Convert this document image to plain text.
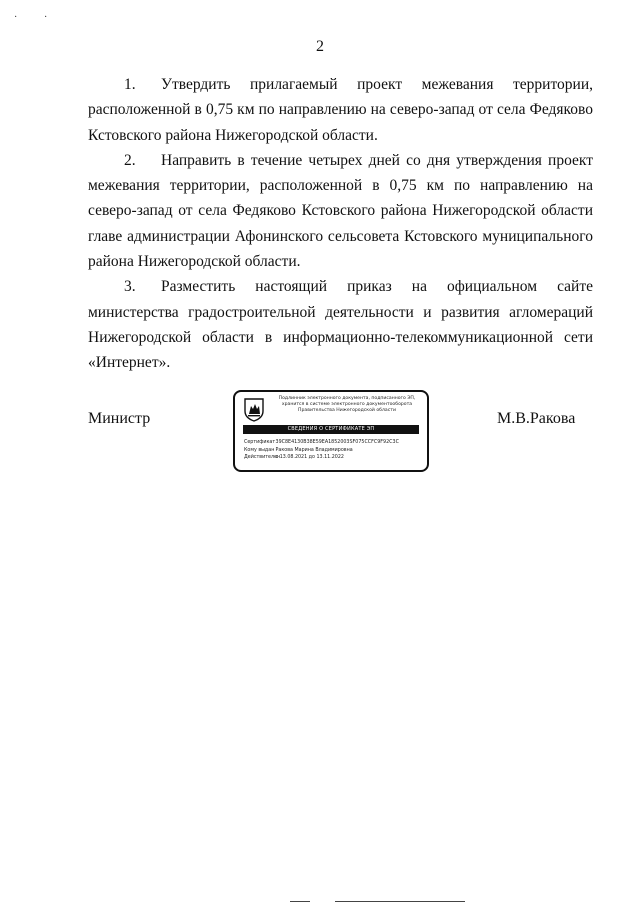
·	·
2

1. Утвердить прилагаемый проект межевания территории, расположенной в 0,75 км по направлению на северо-запад от села Федяково Кстовского района Нижегородской области.

2. Направить в течение четырех дней со дня утверждения проект межевания территории, расположенной в 0,75 км по направлению на северо-запад от села Федяково Кстовского района Нижегородской области главе администрации Афонинского сельсовета Кстовского муниципального района Нижегородской области.

3. Разместить настоящий приказ на официальном сайте министерства градостроительной деятельности и развития агломераций Нижегородской области в информационно-телекоммуникационной сети «Интернет».

Министр
Подлинник электронного документа, подписанного ЭП, хранится в системе электронного документооборота Правительства Нижегородской области
СВЕДЕНИЯ О СЕРТИФИКАТЕ ЭП
Сертификат 39C8E4130B38E59EA1852003SF075CCFC9F92C3C
Кому выдан Ракова Марина Владимировна
Действителен с 13.08.2021 до 13.11.2022
М.В.Ракова
